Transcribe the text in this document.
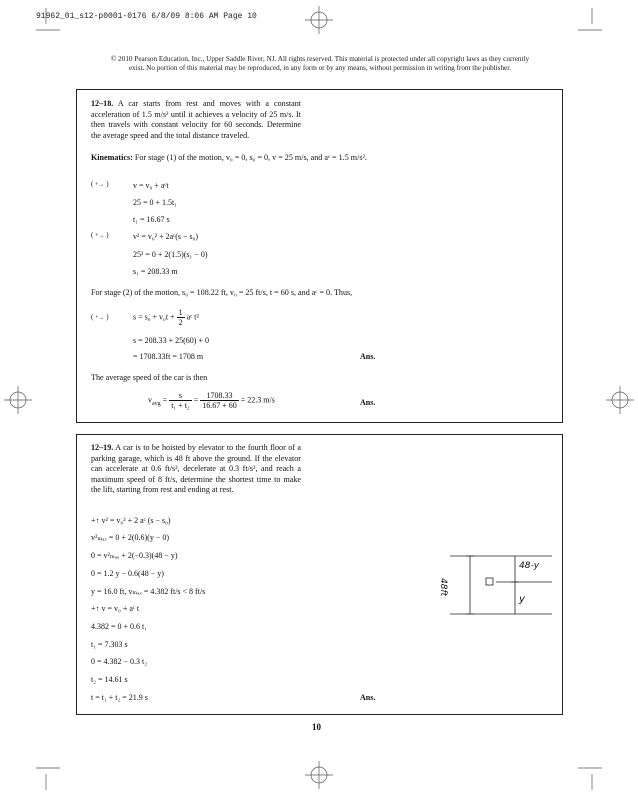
91962_01_s12-p0001-0176 6/8/09 8:06 AM Page 10
© 2010 Pearson Education, Inc., Upper Saddle River, NJ. All rights reserved. This material is protected under all copyright laws as they currently
exist. No portion of this material may be reproduced, in any form or by any means, without permission in writing from the publisher.
12–18. A car starts from rest and moves with a constant acceleration of 1.5 m/s² until it achieves a velocity of 25 m/s. It then travels with constant velocity for 60 seconds. Determine the average speed and the total distance traveled.
Kinematics: For stage (1) of the motion, v₀ = 0, s₀ = 0, v = 25 m/s, and aᶜ = 1.5 m/s².
( +→ )
( +→ )
v = v₀ + aᶜt
25 = 0 + 1.5t₁
t₁ = 16.67 s
v² = v₀² + 2aᶜ(s − s₀)
25² = 0 + 2(1.5)(s₁ − 0)
s₁ = 208.33 m
For stage (2) of the motion, s₀ = 108.22 ft, v₀ = 25 ft/s, t = 60 s, and aᶜ = 0. Thus,
( +→ )	$s = s_0 + v_0t + \frac{1}{2}$ aᶜ t²
s = 208.33 + 25(60) + 0
= 1708.33ft = 1708 m	Ans.
The average speed of the car is then
$v_{avg} = \frac{s}{\text{t₁ + t₂}} = \frac{1708.33}{16.67 + 60} = 22.3$ m/s	Ans.
12–19. A car is to be hoisted by elevator to the fourth floor of a parking garage, which is 48 ft above the ground. If the elevator can accelerate at 0.6 ft/s², decelerate at 0.3 ft/s², and reach a maximum speed of 8 ft/s, determine the shortest time to make the lift, starting from rest and ending at rest.
+↑ v² = v₀² + 2 aᶜ (s − s₀)
v²ₘₐₓ = 0 + 2(0.6)(y − 0)
0 = v²ₘₐₓ + 2(−0.3)(48 − y)
0 = 1.2 y − 0.6(48 − y)
y = 16.0 ft, vₘₐₓ = 4.382 ft/s < 8 ft/s
+↑ v = v₀ + aᶜ t
4.382 = 0 + 0.6 t₁
t₁ = 7.303 s
0 = 4.382 − 0.3 t₂
t₂ = 14.61 s
t = t₁ + t₂ = 21.9 s	Ans.
48ft
48-y
y
10
